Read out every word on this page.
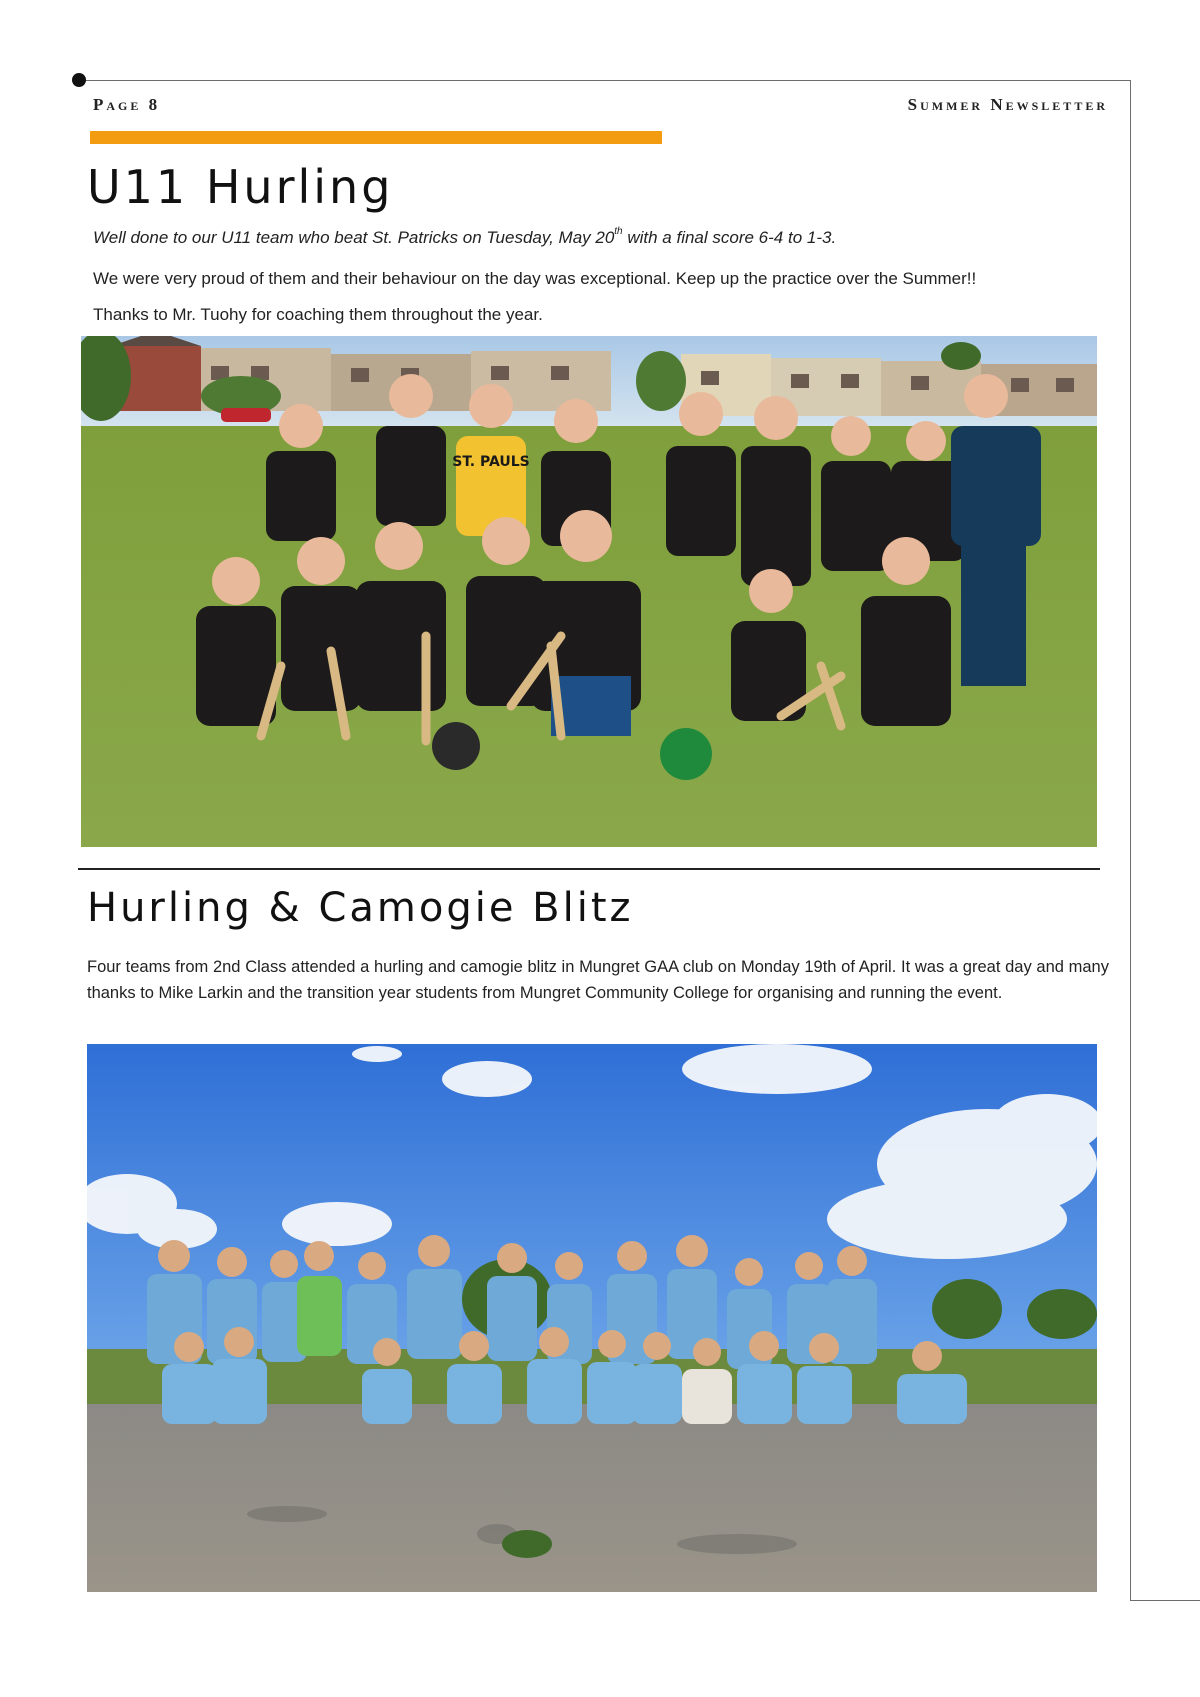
Page 8	Summer Newsletter
U11 Hurling

Well done to our U11 team who beat St. Patricks on Tuesday, May 20th with a final score 6-4 to 1-3.

We were very proud of them and their behaviour on the day was exceptional. Keep up the practice over the Summer!!

Thanks to Mr. Tuohy for coaching them throughout the year.

ST. PAULS
Hurling & Camogie Blitz

Four teams from 2nd Class attended a hurling and camogie blitz in Mungret GAA club on Monday 19th of April. It was a great day and many thanks to Mike Larkin and the transition year students from Mungret Community College for organising and running the event.
